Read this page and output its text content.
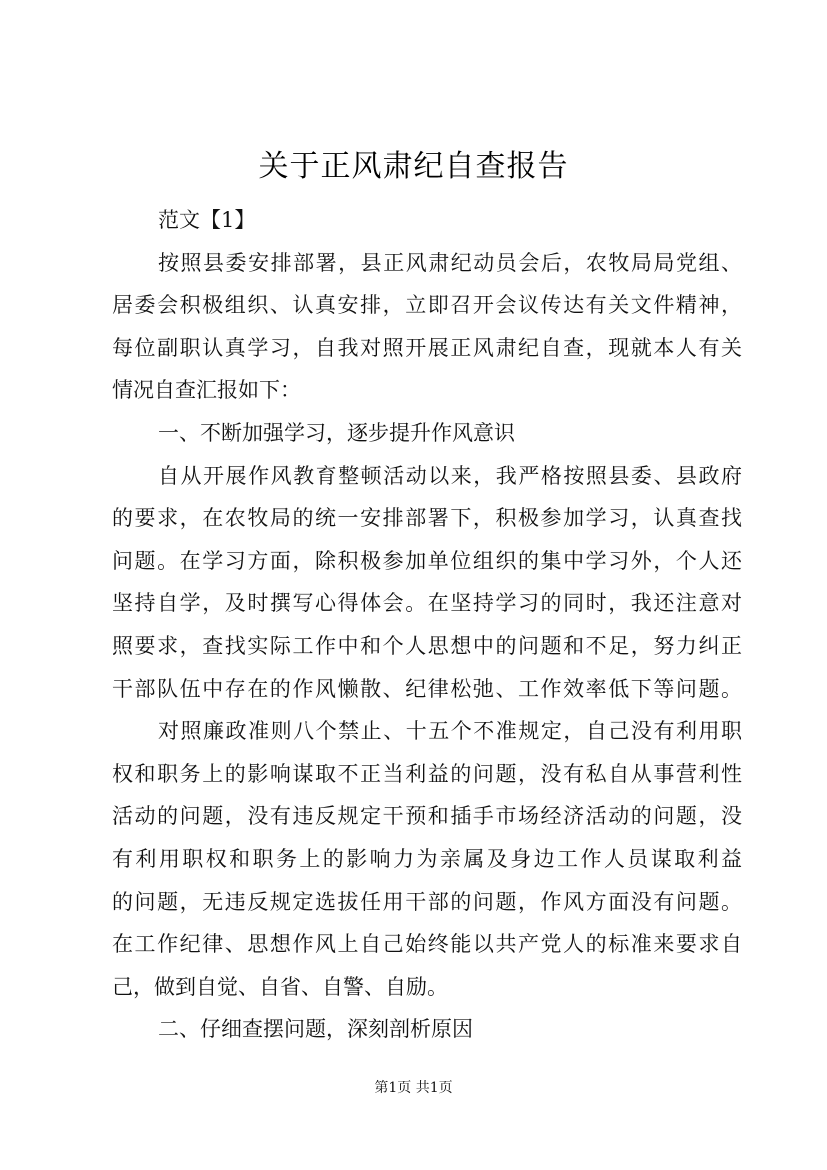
关于正风肃纪自查报告
范文【1】
按照县委安排部署，县正风肃纪动员会后，农牧局局党组、
居委会积极组织、认真安排，立即召开会议传达有关文件精神，
每位副职认真学习，自我对照开展正风肃纪自查，现就本人有关
情况自查汇报如下：
一、不断加强学习，逐步提升作风意识
自从开展作风教育整顿活动以来，我严格按照县委、县政府
的要求，在农牧局的统一安排部署下，积极参加学习，认真查找
问题。在学习方面，除积极参加单位组织的集中学习外，个人还
坚持自学，及时撰写心得体会。在坚持学习的同时，我还注意对
照要求，查找实际工作中和个人思想中的问题和不足，努力纠正
干部队伍中存在的作风懒散、纪律松弛、工作效率低下等问题。
对照廉政准则八个禁止、十五个不准规定，自己没有利用职
权和职务上的影响谋取不正当利益的问题，没有私自从事营利性
活动的问题，没有违反规定干预和插手市场经济活动的问题，没
有利用职权和职务上的影响力为亲属及身边工作人员谋取利益
的问题，无违反规定选拔任用干部的问题，作风方面没有问题。
在工作纪律、思想作风上自己始终能以共产党人的标准来要求自
己，做到自觉、自省、自警、自励。
二、仔细查摆问题，深刻剖析原因
第1页 共1页
